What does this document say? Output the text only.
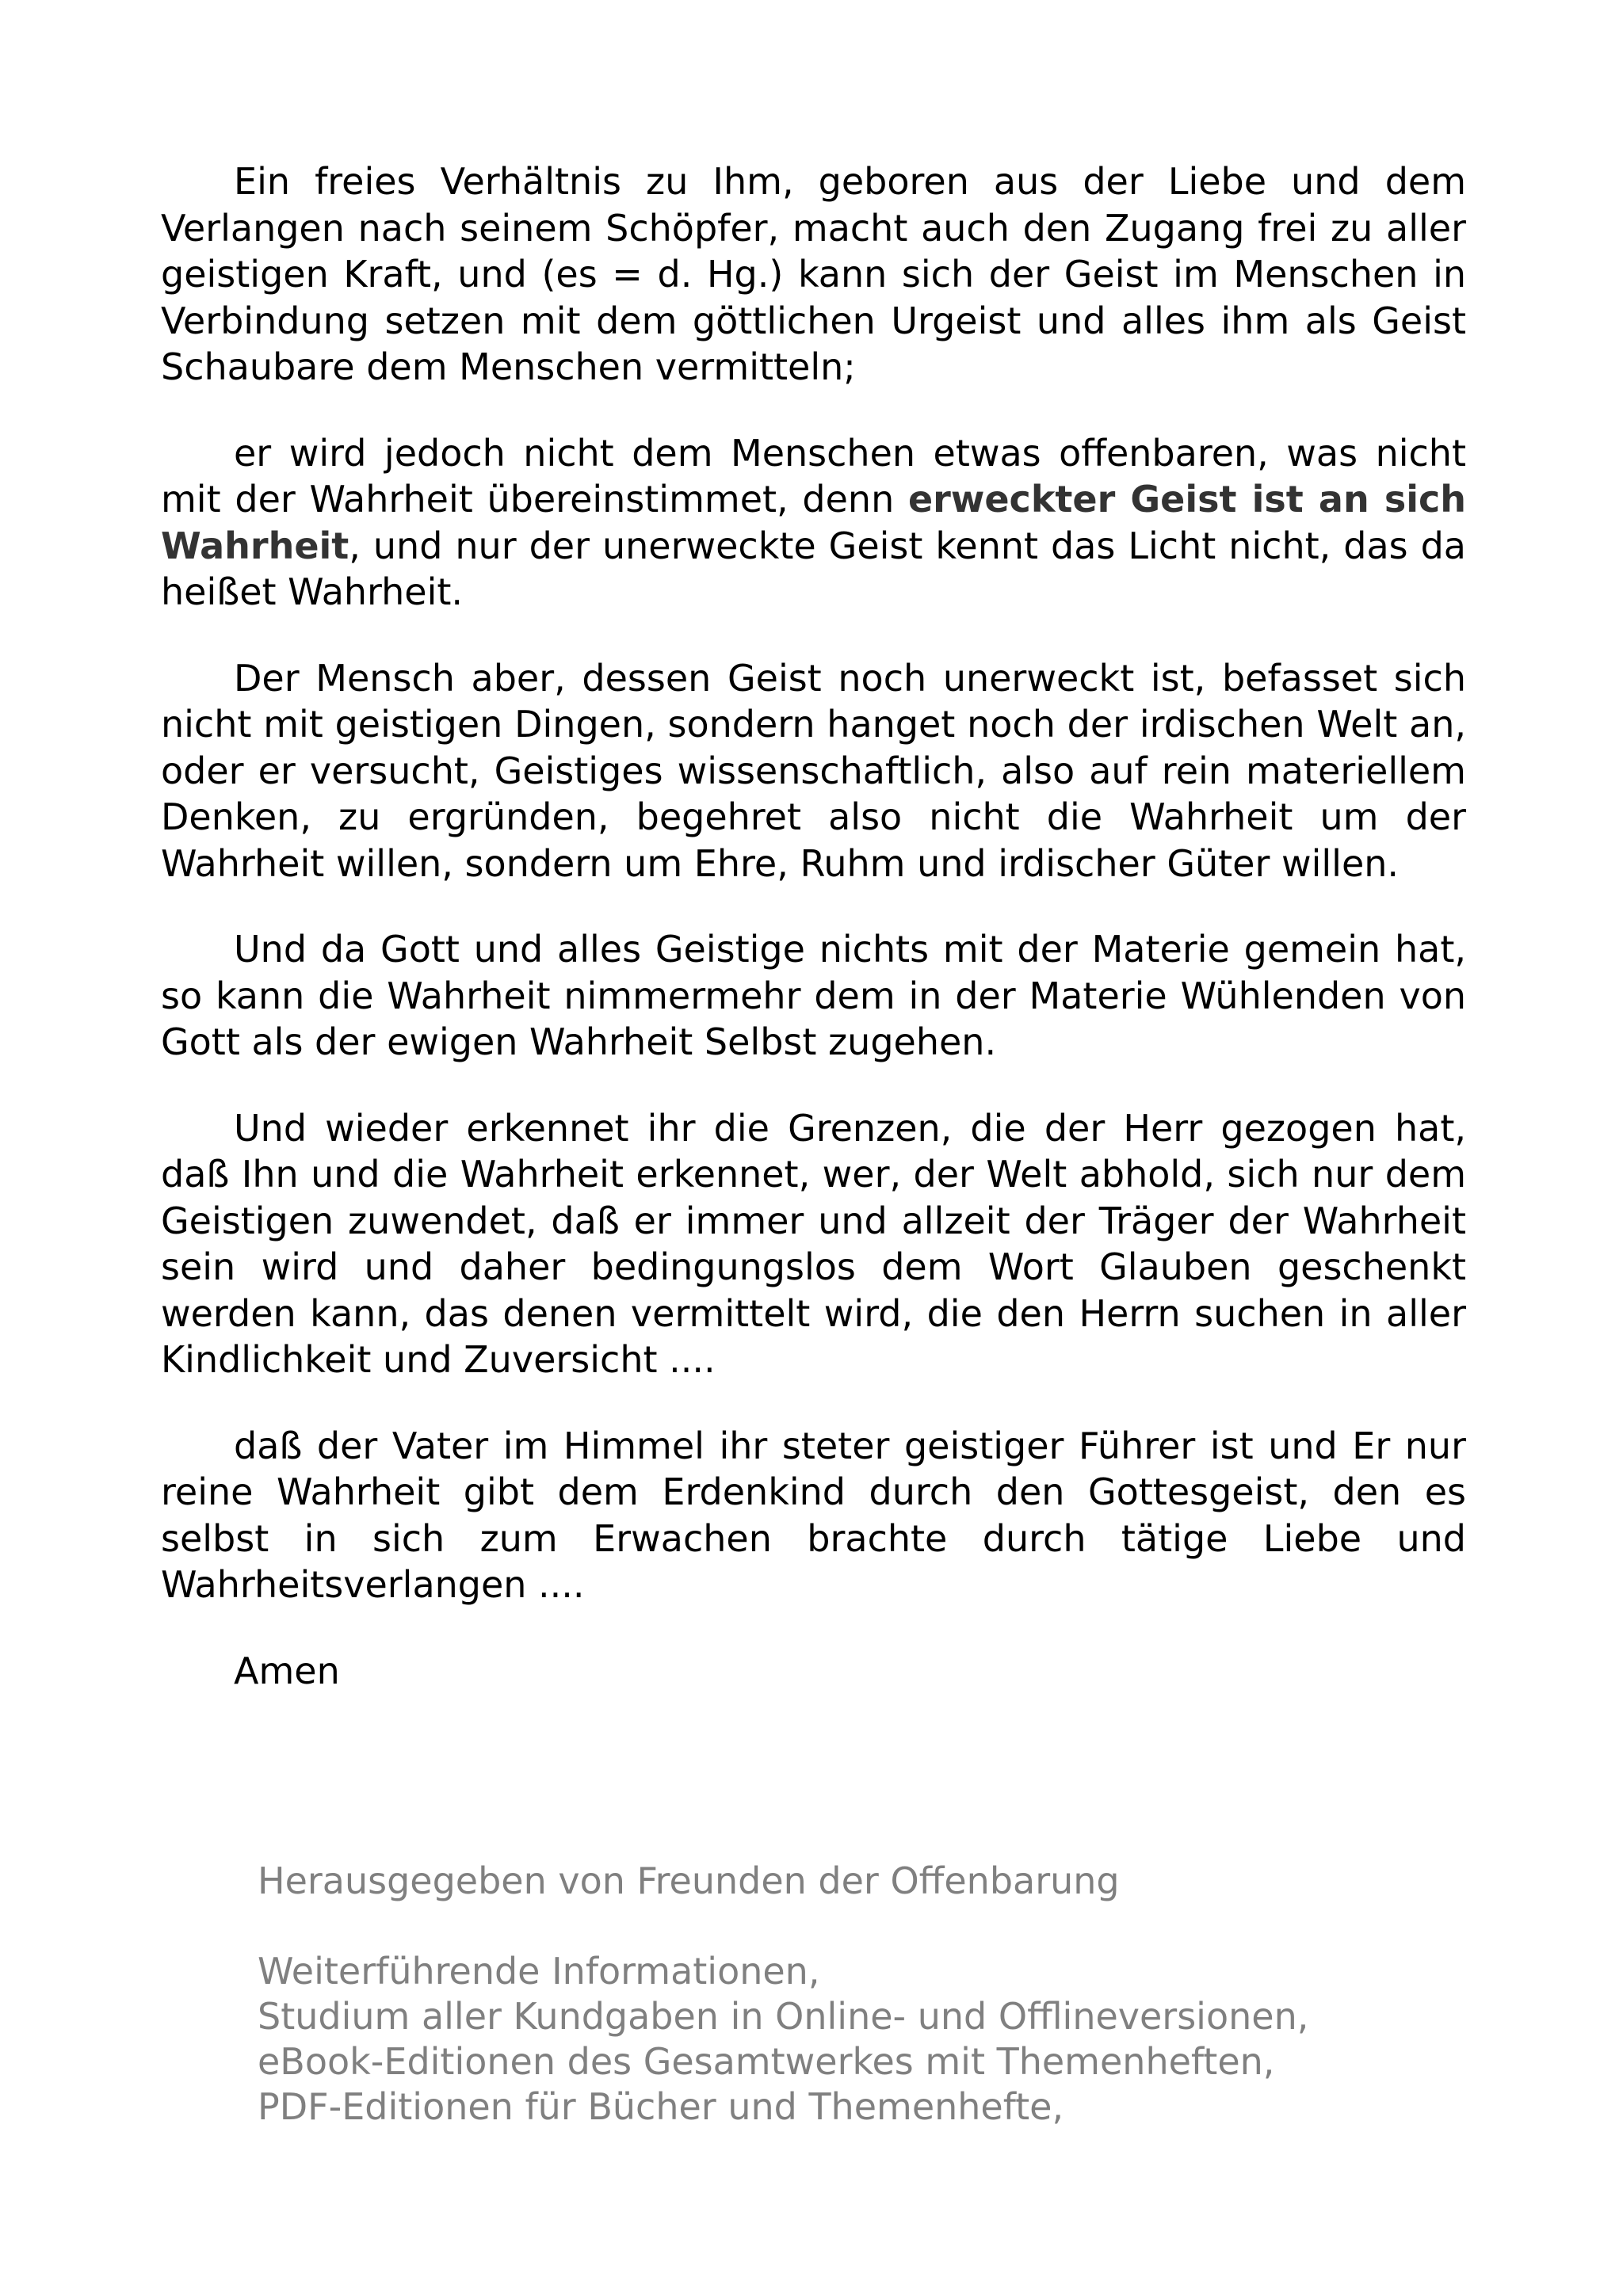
Ein freies Verhältnis zu Ihm, geboren aus der Liebe und dem Verlangen nach seinem Schöpfer, macht auch den Zugang frei zu aller geistigen Kraft, und (es = d. Hg.) kann sich der Geist im Menschen in Verbindung setzen mit dem göttlichen Urgeist und alles ihm als Geist Schaubare dem Menschen vermitteln;

er wird jedoch nicht dem Menschen etwas offenbaren, was nicht mit der Wahrheit übereinstimmet, denn erweckter Geist ist an sich Wahrheit, und nur der unerweckte Geist kennt das Licht nicht, das da heißet Wahrheit.

Der Mensch aber, dessen Geist noch unerweckt ist, befasset sich nicht mit geistigen Dingen, sondern hanget noch der irdischen Welt an, oder er versucht, Geistiges wissenschaftlich, also auf rein materiellem Denken, zu ergründen, begehret also nicht die Wahrheit um der Wahrheit willen, sondern um Ehre, Ruhm und irdischer Güter willen.

Und da Gott und alles Geistige nichts mit der Materie gemein hat, so kann die Wahrheit nimmermehr dem in der Materie Wühlenden von Gott als der ewigen Wahrheit Selbst zugehen.

Und wieder erkennet ihr die Grenzen, die der Herr gezogen hat, daß Ihn und die Wahrheit erkennet, wer, der Welt abhold, sich nur dem Geistigen zuwendet, daß er immer und allzeit der Träger der Wahrheit sein wird und daher bedingungslos dem Wort Glauben geschenkt werden kann, das denen vermittelt wird, die den Herrn suchen in aller Kindlichkeit und Zuversicht ....

daß der Vater im Himmel ihr steter geistiger Führer ist und Er nur reine Wahrheit gibt dem Erdenkind durch den Gottesgeist, den es selbst in sich zum Erwachen brachte durch tätige Liebe und Wahrheitsverlangen ....

Amen

Herausgegeben von Freunden der Offenbarung

Weiterführende Informationen,

Studium aller Kundgaben in Online- und Offlineversionen,

eBook-Editionen des Gesamtwerkes mit Themenheften,

PDF-Editionen für Bücher und Themenhefte,
